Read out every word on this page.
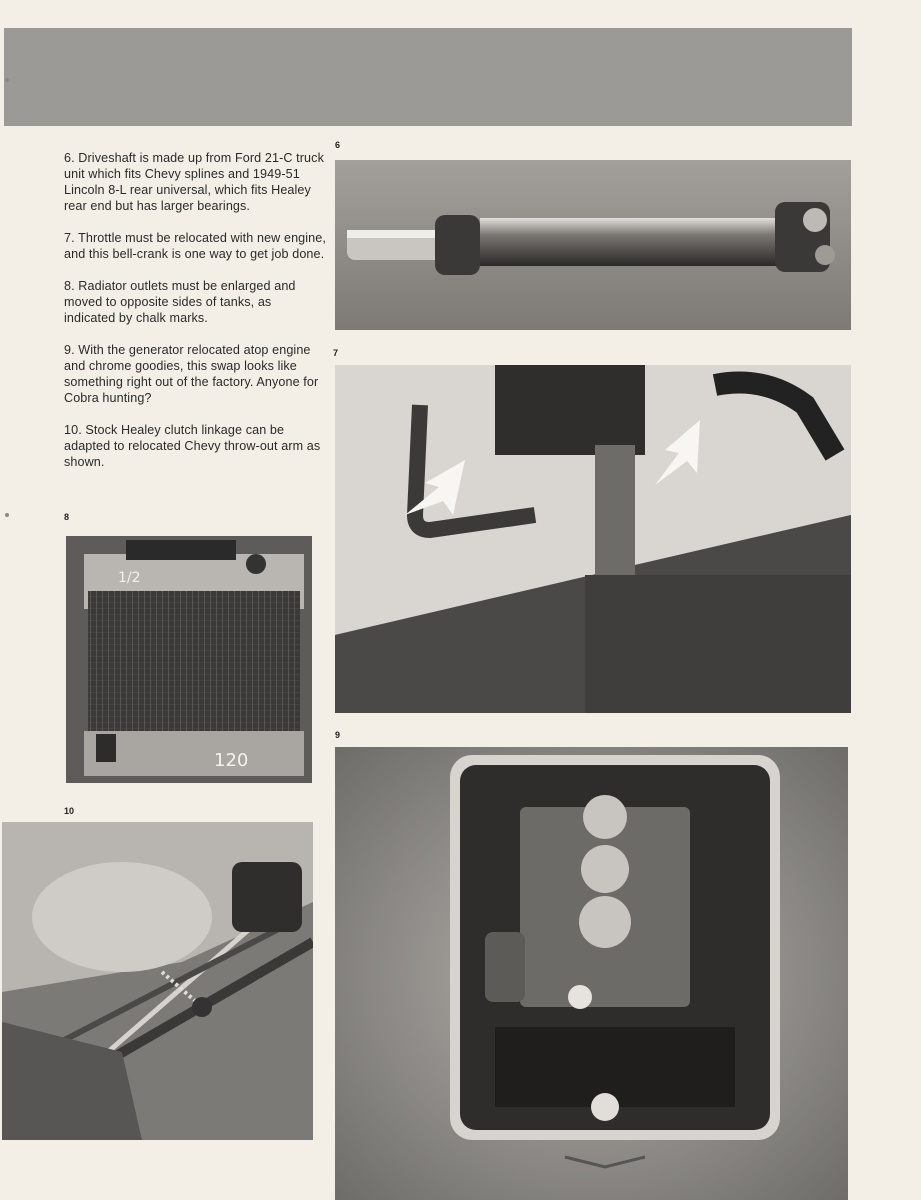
6. Driveshaft is made up from Ford 21-C truck unit which fits Chevy splines and 1949-51 Lincoln 8-L rear universal, which fits Healey rear end but has larger bearings.

7. Throttle must be relocated with new engine, and this bell-crank is one way to get job done.

8. Radiator outlets must be enlarged and moved to opposite sides of tanks, as indicated by chalk marks.

9. With the generator relocated atop engine and chrome goodies, this swap looks like something right out of the factory. Anyone for Cobra hunting?

10. Stock Healey clutch linkage can be adapted to relocated Chevy throw-out arm as shown.

6
7
8
9
10
1/2
120
